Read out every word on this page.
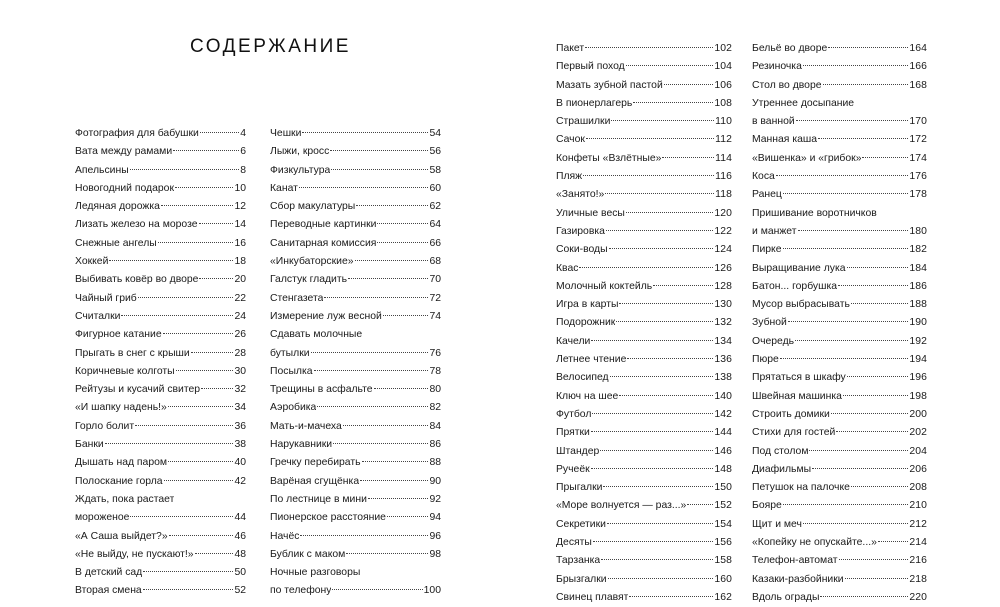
СОДЕРЖАНИЕ
Фотография для бабушки	4
Вата между рамами	6
Апельсины	8
Новогодний подарок	10
Ледяная дорожка	12
Лизать железо на морозе	14
Снежные ангелы	16
Хоккей	18
Выбивать ковёр во дворе	20
Чайный гриб	22
Считалки	24
Фигурное катание	26
Прыгать в снег с крыши	28
Коричневые колготы	30
Рейтузы и кусачий свитер	32
«И шапку надень!»	34
Горло болит	36
Банки	38
Дышать над паром	40
Полоскание горла	42
Ждать, пока растает
мороженое	44
«А Саша выйдет?»	46
«Не выйду, не пускают!»	48
В детский сад	50
Вторая смена	52
Чешки	54
Лыжи, кросс	56
Физкультура	58
Канат	60
Сбор макулатуры	62
Переводные картинки	64
Санитарная комиссия	66
«Инкубаторские»	68
Галстук гладить	70
Стенгазета	72
Измерение луж весной	74
Сдавать молочные
бутылки	76
Посылка	78
Трещины в асфальте	80
Аэробика	82
Мать-и-мачеха	84
Нарукавники	86
Гречку перебирать	88
Варёная сгущёнка	90
По лестнице в мини	92
Пионерское расстояние	94
Начёс	96
Бублик с маком	98
Ночные разговоры
по телефону	100
Пакет	102
Первый поход	104
Мазать зубной пастой	106
В пионерлагерь	108
Страшилки	110
Сачок	112
Конфеты «Взлётные»	114
Пляж	116
«Занято!»	118
Уличные весы	120
Газировка	122
Соки-воды	124
Квас	126
Молочный коктейль	128
Игра в карты	130
Подорожник	132
Качели	134
Летнее чтение	136
Велосипед	138
Ключ на шее	140
Футбол	142
Прятки	144
Штандер	146
Ручеёк	148
Прыгалки	150
«Море волнуется — раз...»	152
Секретики	154
Десяты	156
Тарзанка	158
Брызгалки	160
Свинец плавят	162
Бельё во дворе	164
Резиночка	166
Стол во дворе	168
Утреннее досыпание
в ванной	170
Манная каша	172
«Вишенка» и «грибок»	174
Коса	176
Ранец	178
Пришивание воротничков
и манжет	180
Пирке	182
Выращивание лука	184
Батон... горбушка	186
Мусор выбрасывать	188
Зубной	190
Очередь	192
Пюре	194
Прятаться в шкафу	196
Швейная машинка	198
Строить домики	200
Стихи для гостей	202
Под столом	204
Диафильмы	206
Петушок на палочке	208
Бояре	210
Щит и меч	212
«Копейку не опускайте...»	214
Телефон-автомат	216
Казаки-разбойники	218
Вдоль ограды	220
